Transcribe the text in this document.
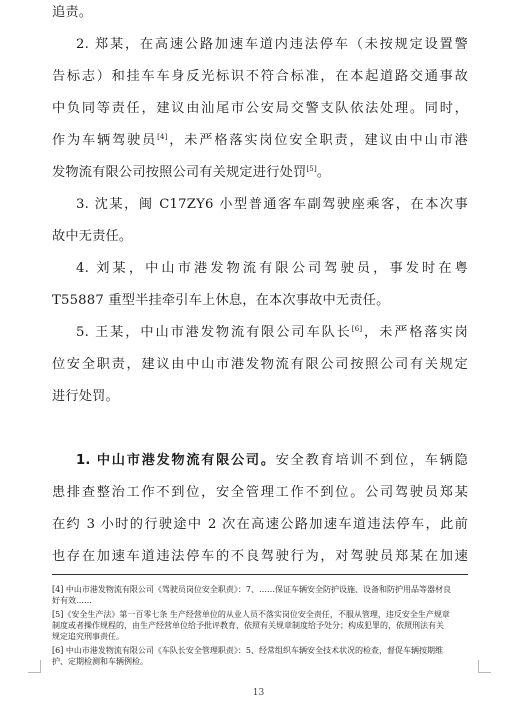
追责。
2. 郑某，在高速公路加速车道内违法停车（未按规定设置警
告标志）和挂车车身反光标识不符合标准，在本起道路交通事故
中负同等责任，建议由汕尾市公安局交警支队依法处理。同时，
作为车辆驾驶员[4]，未严格落实岗位安全职责，建议由中山市港
发物流有限公司按照公司有关规定进行处罚[5]。
3. 沈某，闽 C17ZY6 小型普通客车副驾驶座乘客，在本次事
故中无责任。
4. 刘某，中山市港发物流有限公司驾驶员，事发时在粤
T55887 重型半挂牵引车上休息，在本次事故中无责任。
5. 王某，中山市港发物流有限公司车队长[6]，未严格落实岗
位安全职责，建议由中山市港发物流有限公司按照公司有关规定
进行处罚。
1. 中山市港发物流有限公司。安全教育培训不到位，车辆隐
患排查整治工作不到位，安全管理工作不到位。公司驾驶员郑某
在约 3 小时的行驶途中 2 次在高速公路加速车道违法停车，此前
也存在加速车道违法停车的不良驾驶行为，对驾驶员郑某在加速
[4] 中山市港发物流有限公司《驾驶员岗位安全职责》：7、……保证车辆安全防护设施、设备和防护用品等器材良
好有效……
[5]《安全生产法》第一百零七条 生产经营单位的从业人员不落实岗位安全责任，不服从管理，违反安全生产规章
制度或者操作规程的，由生产经营单位给予批评教育，依照有关规章制度给予处分；构成犯罪的，依照刑法有关
规定追究刑事责任。
[6] 中山市港发物流有限公司《车队长安全管理职责》：5、经常组织车辆安全技术状况的检查，督促车辆按期维
护、定期检测和车辆例检。
13
